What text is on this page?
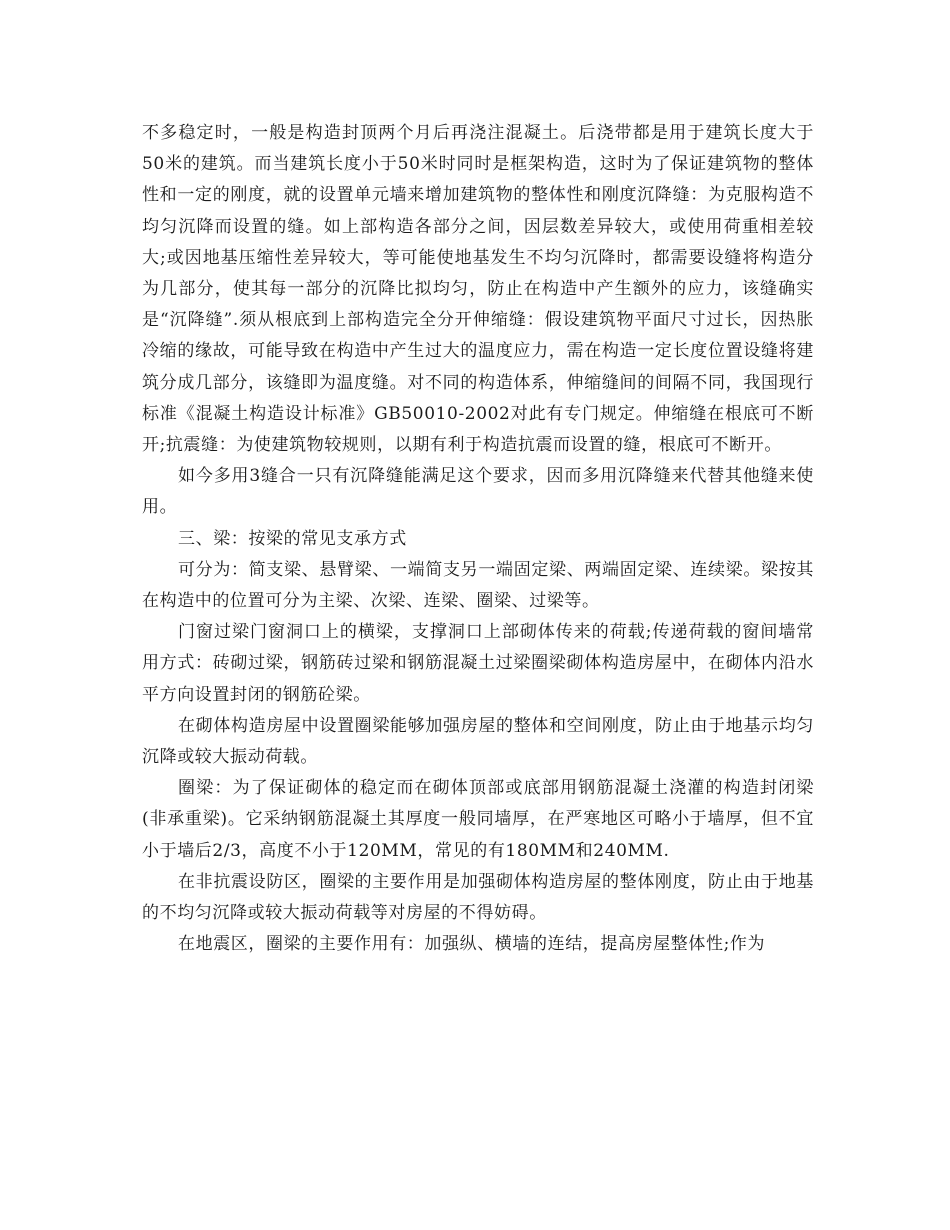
不多稳定时，一般是构造封顶两个月后再浇注混凝土。后浇带都是用于建筑长度大于50米的建筑。而当建筑长度小于50米时同时是框架构造，这时为了保证建筑物的整体性和一定的刚度，就的设置单元墙来增加建筑物的整体性和刚度沉降缝：为克服构造不均匀沉降而设置的缝。如上部构造各部分之间，因层数差异较大，或使用荷重相差较大;或因地基压缩性差异较大，等可能使地基发生不均匀沉降时，都需要设缝将构造分为几部分，使其每一部分的沉降比拟均匀，防止在构造中产生额外的应力，该缝确实是“沉降缝”.须从根底到上部构造完全分开伸缩缝：假设建筑物平面尺寸过长，因热胀冷缩的缘故，可能导致在构造中产生过大的温度应力，需在构造一定长度位置设缝将建筑分成几部分，该缝即为温度缝。对不同的构造体系，伸缩缝间的间隔不同，我国现行标准《混凝土构造设计标准》GB50010-2002对此有专门规定。伸缩缝在根底可不断开;抗震缝：为使建筑物较规则，以期有利于构造抗震而设置的缝，根底可不断开。

如今多用3缝合一只有沉降缝能满足这个要求，因而多用沉降缝来代替其他缝来使用。

三、梁：按梁的常见支承方式

可分为：简支梁、悬臂梁、一端简支另一端固定梁、两端固定梁、连续梁。梁按其在构造中的位置可分为主梁、次梁、连梁、圈梁、过梁等。

门窗过梁门窗洞口上的横梁，支撑洞口上部砌体传来的荷载;传递荷载的窗间墙常用方式：砖砌过梁，钢筋砖过梁和钢筋混凝土过梁圈梁砌体构造房屋中，在砌体内沿水平方向设置封闭的钢筋砼梁。

在砌体构造房屋中设置圈梁能够加强房屋的整体和空间刚度，防止由于地基示均匀沉降或较大振动荷载。

圈梁：为了保证砌体的稳定而在砌体顶部或底部用钢筋混凝土浇灌的构造封闭梁(非承重梁)。它采纳钢筋混凝土其厚度一般同墙厚，在严寒地区可略小于墙厚，但不宜小于墙后2/3，高度不小于120MM，常见的有180MM和240MM.

在非抗震设防区，圈梁的主要作用是加强砌体构造房屋的整体刚度，防止由于地基的不均匀沉降或较大振动荷载等对房屋的不得妨碍。

在地震区，圈梁的主要作用有：加强纵、横墙的连结，提高房屋整体性;作为
